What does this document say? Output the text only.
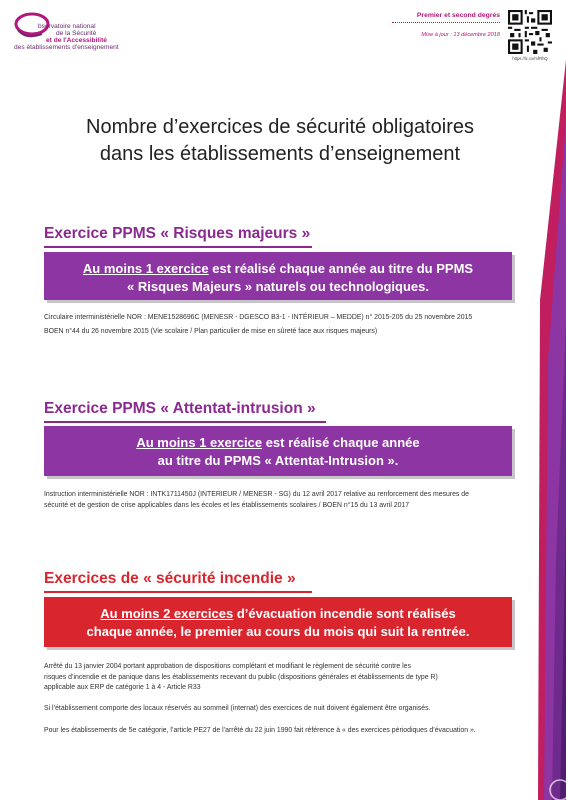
bservatoire national
de la Sécurité
et de l'Accessibilité
des établissements d'enseignement
Premier et second degrés
Mise à jour : 13 décembre 2018
https://lc.cx/mfRhQ
Nombre d’exercices de sécurité obligatoires
dans les établissements d’enseignement
Exercice PPMS « Risques majeurs »
Au moins 1 exercice est réalisé chaque année au titre du PPMS
« Risques Majeurs » naturels ou technologiques.
Circulaire interministérielle NOR : MENE1528696C (MENESR - DGESCO B3-1 - INTÉRIEUR – MEDDE) n° 2015-205 du 25 novembre 2015
BOEN n°44 du 26 novembre 2015 (Vie scolaire / Plan particulier de mise en sûreté face aux risques majeurs)
Exercice PPMS « Attentat-intrusion »
Au moins 1 exercice est réalisé chaque année
au titre du PPMS « Attentat-Intrusion ».
Instruction interministérielle NOR : INTK1711450J (INTERIEUR / MENESR - SG) du 12 avril 2017 relative au renforcement des mesures de
sécurité et de gestion de crise applicables dans les écoles et les établissements scolaires / BOEN n°15 du 13 avril 2017
Exercices de « sécurité incendie »
Au moins 2 exercices d’évacuation incendie sont réalisés
chaque année, le premier au cours du mois qui suit la rentrée.
Arrêté du 13 janvier 2004 portant approbation de dispositions complétant et modifiant le règlement de sécurité contre les
risques d’incendie et de panique dans les établissements recevant du public (dispositions générales et établissements de type R)
applicable aux ERP de catégorie 1 à 4 - Article R33
Si l’établissement comporte des locaux réservés au sommeil (internat) des exercices de nuit doivent également être organisés.
Pour les établissements de 5e catégorie, l’article PE27 de l’arrêté du 22 juin 1990 fait référence à « des exercices périodiques d’évacuation ».
